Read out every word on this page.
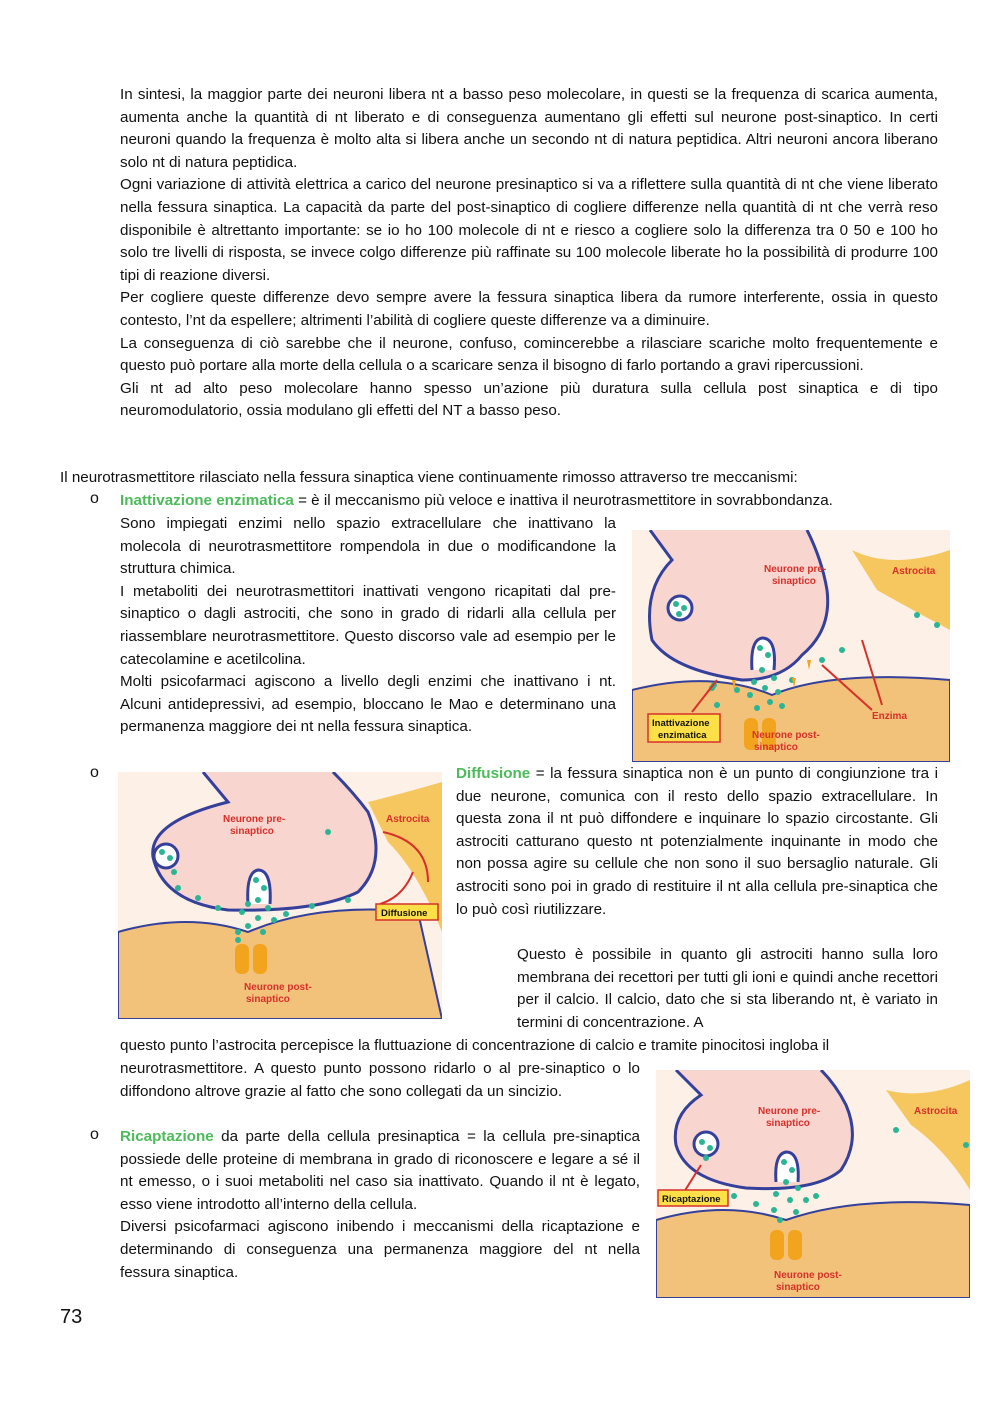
In sintesi, la maggior parte dei neuroni libera nt a basso peso molecolare, in questi se la frequenza di scarica aumenta, aumenta anche la quantità di nt liberato e di conseguenza aumentano gli effetti sul neurone post-sinaptico. In certi neuroni quando la frequenza è molto alta si libera anche un secondo nt di natura peptidica. Altri neuroni ancora liberano solo nt di natura peptidica.

Ogni variazione di attività elettrica a carico del neurone presinaptico si va a riflettere sulla quantità di nt che viene liberato nella fessura sinaptica. La capacità da parte del post-sinaptico di cogliere differenze nella quantità di nt che verrà reso disponibile è altrettanto importante: se io ho 100 molecole di nt e riesco a cogliere solo la differenza tra 0 50 e 100 ho solo tre livelli di risposta, se invece colgo differenze più raffinate su 100 molecole liberate ho la possibilità di produrre 100 tipi di reazione diversi.

Per cogliere queste differenze devo sempre avere la fessura sinaptica libera da rumore interferente, ossia in questo contesto, l’nt da espellere; altrimenti l’abilità di cogliere queste differenze va a diminuire.

La conseguenza di ciò sarebbe che il neurone, confuso, comincerebbe a rilasciare scariche molto frequentemente e questo può portare alla morte della cellula o a scaricare senza il bisogno di farlo portando a gravi ripercussioni.

Gli nt ad alto peso molecolare hanno spesso un’azione più duratura sulla cellula post sinaptica e di tipo neuromodulatorio, ossia modulano gli effetti del NT a basso peso.

Il neurotrasmettitore rilasciato nella fessura sinaptica viene continuamente rimosso attraverso tre meccanismi:
o Inattivazione enzimatica = è il meccanismo più veloce e inattiva il neurotrasmettitore in sovrabbondanza.

Sono impiegati enzimi nello spazio extracellulare che inattivano la molecola di neurotrasmettitore rompendola in due o modificandone la struttura chimica.

I metaboliti dei neurotrasmettitori inattivati vengono ricapitati dal pre-sinaptico o dagli astrociti, che sono in grado di ridarli alla cellula per riassemblare neurotrasmettitore. Questo discorso vale ad esempio per le catecolamine e acetilcolina.

Molti psicofarmaci agiscono a livello degli enzimi che inattivano i nt. Alcuni antidepressivi, ad esempio, bloccano le Mao e determinano una permanenza maggiore dei nt nella fessura sinaptica.

Neurone pre-
sinaptico
Astrocita
Enzima
Neurone post-
sinaptico
Inattivazione
enzimatica
o
Neurone pre-
sinaptico
Astrocita
Neurone post-
sinaptico
Diffusione
Diffusione = la fessura sinaptica non è un punto di congiunzione tra i due neurone, comunica con il resto dello spazio extracellulare. In questa zona il nt può diffondere e inquinare lo spazio circostante. Gli astrociti catturano questo nt potenzialmente inquinante in modo che non possa agire su cellule che non sono il suo bersaglio naturale. Gli astrociti sono poi in grado di restituire il nt alla cellula pre-sinaptica che lo può così riutilizzare.
Questo è possibile in quanto gli astrociti hanno sulla loro membrana dei recettori per tutti gli ioni e quindi anche recettori per il calcio. Il calcio, dato che si sta liberando nt, è variato in termini di concentrazione. A
questo punto l’astrocita percepisce la fluttuazione di concentrazione di calcio e tramite pinocitosi ingloba il
neurotrasmettitore. A questo punto possono ridarlo o al pre-sinaptico o lo diffondono altrove grazie al fatto che sono collegati da un sincizio.
o Ricaptazione da parte della cellula presinaptica = la cellula pre-sinaptica possiede delle proteine di membrana in grado di riconoscere e legare a sé il nt emesso, o i suoi metaboliti nel caso sia inattivato. Quando il nt è legato, esso viene introdotto all’interno della cellula.

Diversi psicofarmaci agiscono inibendo i meccanismi della ricaptazione e determinando di conseguenza una permanenza maggiore del nt nella fessura sinaptica.

Neurone pre-
sinaptico
Astrocita
Neurone post-
sinaptico
Ricaptazione
73
